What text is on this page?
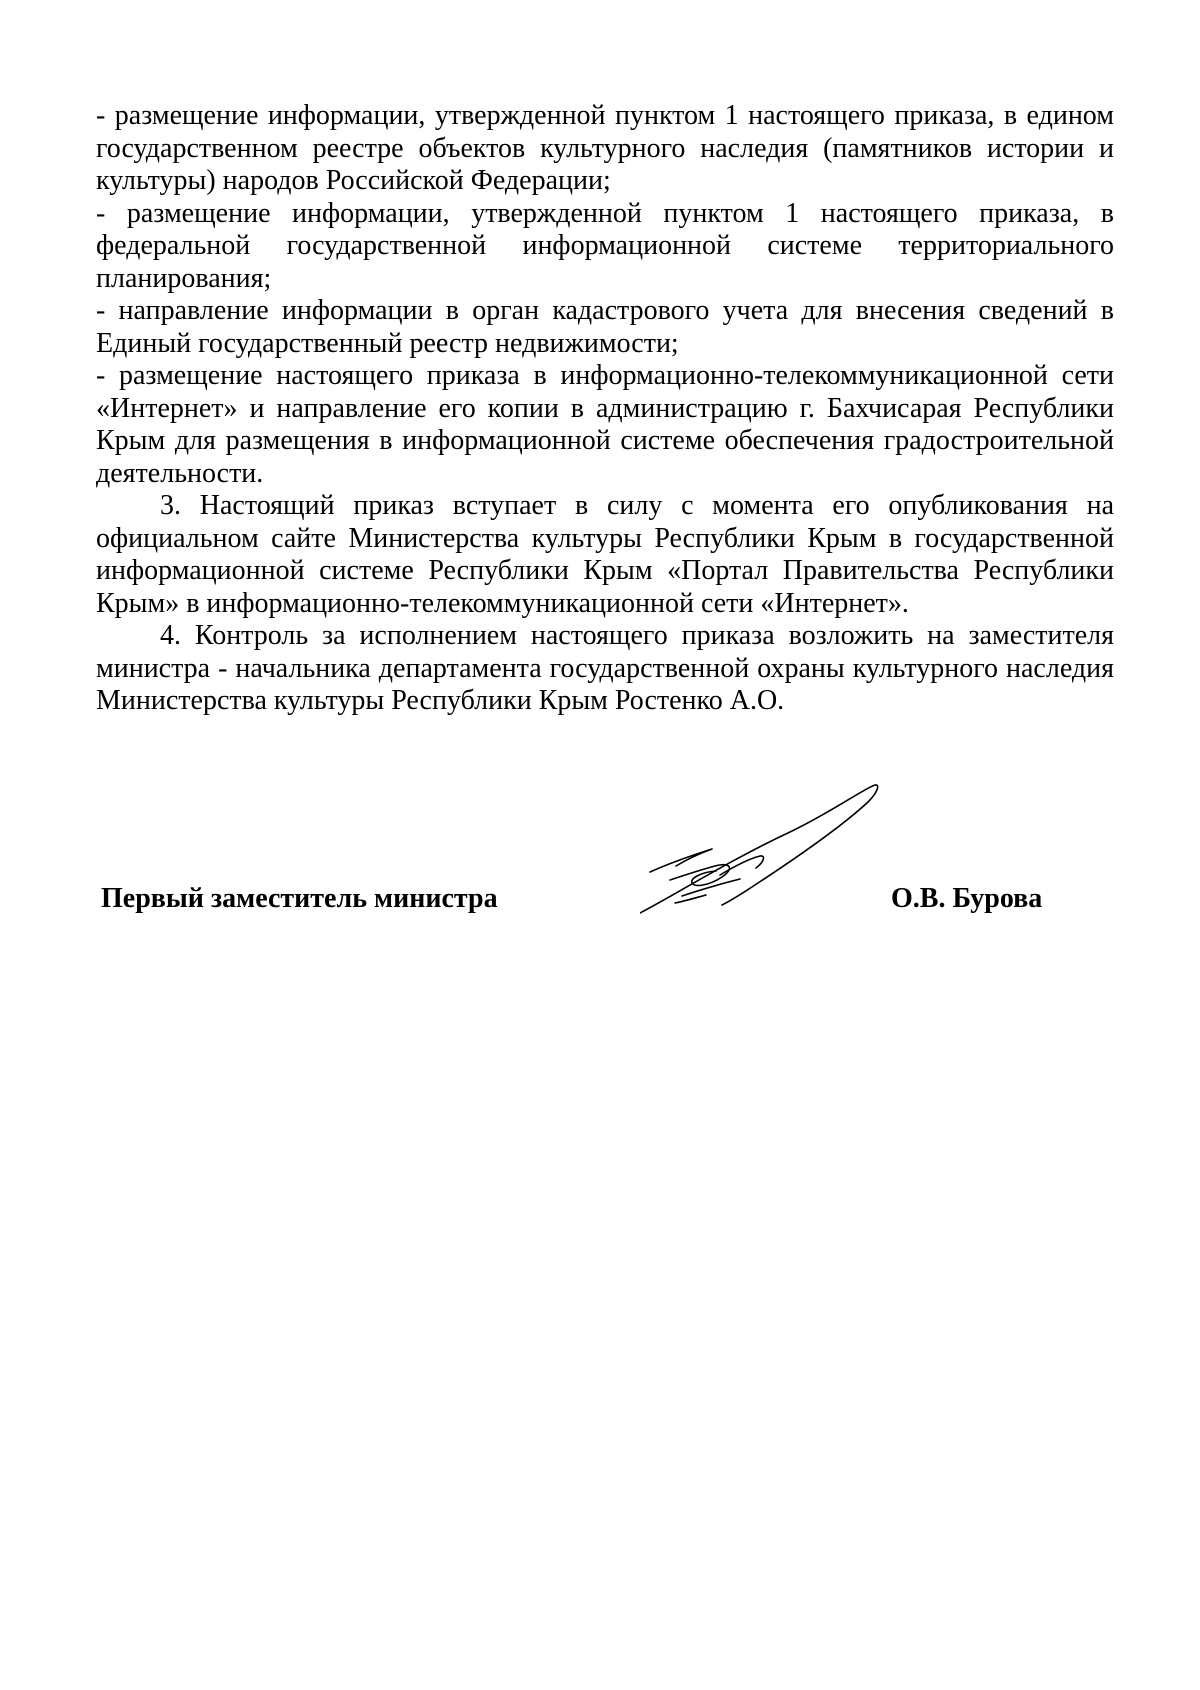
- размещение информации, утвержденной пунктом 1 настоящего приказа, в едином государственном реестре объектов культурного наследия (памятников истории и культуры) народов Российской Федерации;

- размещение информации, утвержденной пунктом 1 настоящего приказа, в федеральной государственной информационной системе территориального планирования;

- направление информации в орган кадастрового учета для внесения сведений в Единый государственный реестр недвижимости;

- размещение настоящего приказа в информационно-телекоммуникационной сети «Интернет» и направление его копии в администрацию г. Бахчисарая Республики Крым для размещения в информационной системе обеспечения градостроительной деятельности.

3. Настоящий приказ вступает в силу с момента его опубликования на официальном сайте Министерства культуры Республики Крым в государственной информационной системе Республики Крым «Портал Правительства Республики Крым» в информационно-телекоммуникационной сети «Интернет».

4. Контроль за исполнением настоящего приказа возложить на заместителя министра - начальника департамента государственной охраны культурного наследия Министерства культуры Республики Крым Ростенко А.О.

Первый заместитель министра	О.В. Бурова
